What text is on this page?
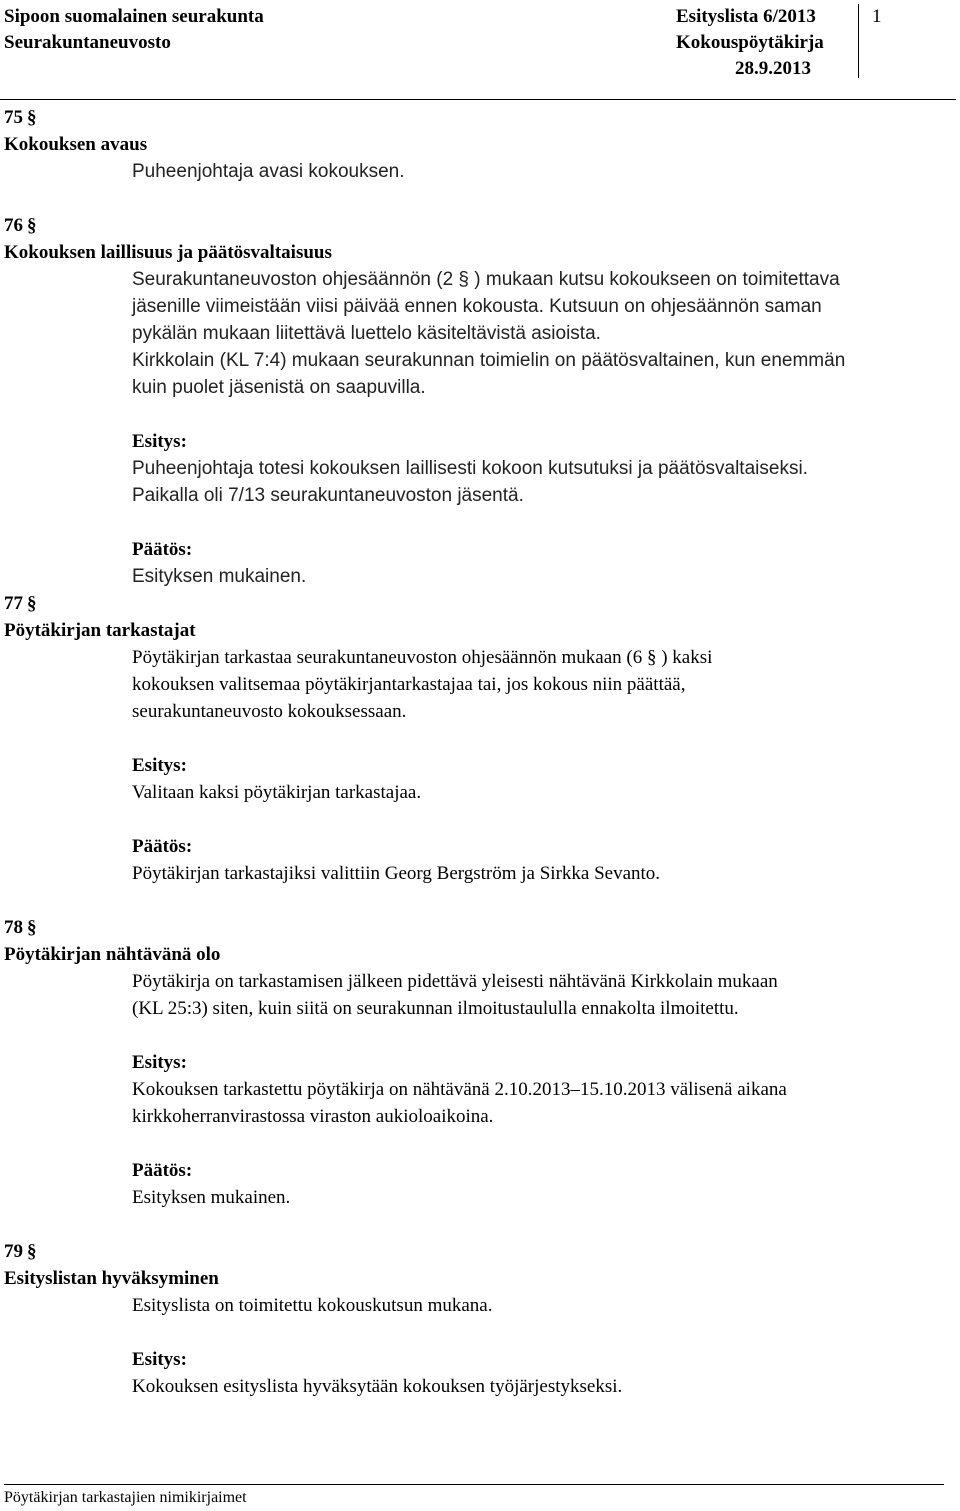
Sipoon suomalainen seurakunta
Seurakuntaneuvosto
Esityslista 6/2013
Kokouspöytäkirja
28.9.2013
1
75 §
Kokouksen avaus
Puheenjohtaja avasi kokouksen.
76 §
Kokouksen laillisuus ja päätösvaltaisuus
Seurakuntaneuvoston ohjesäännön (2 § ) mukaan kutsu kokoukseen on toimitettava
jäsenille viimeistään viisi päivää ennen kokousta. Kutsuun on ohjesäännön saman
pykälän mukaan liitettävä luettelo käsiteltävistä asioista.
Kirkkolain (KL 7:4) mukaan seurakunnan toimielin on päätösvaltainen, kun enemmän
kuin puolet jäsenistä on saapuvilla.
Esitys:
Puheenjohtaja totesi kokouksen laillisesti kokoon kutsutuksi ja päätösvaltaiseksi.
Paikalla oli 7/13 seurakuntaneuvoston jäsentä.
Päätös:
Esityksen mukainen.
77 §
Pöytäkirjan tarkastajat
Pöytäkirjan tarkastaa seurakuntaneuvoston ohjesäännön mukaan (6 § ) kaksi
kokouksen valitsemaa pöytäkirjantarkastajaa tai, jos kokous niin päättää,
seurakuntaneuvosto kokouksessaan.
Esitys:
Valitaan kaksi pöytäkirjan tarkastajaa.
Päätös:
Pöytäkirjan tarkastajiksi valittiin Georg Bergström ja Sirkka Sevanto.
78 §
Pöytäkirjan nähtävänä olo
Pöytäkirja on tarkastamisen jälkeen pidettävä yleisesti nähtävänä Kirkkolain mukaan
(KL 25:3) siten, kuin siitä on seurakunnan ilmoitustaululla ennakolta ilmoitettu.
Esitys:
Kokouksen tarkastettu pöytäkirja on nähtävänä 2.10.2013–15.10.2013 välisenä aikana
kirkkoherranvirastossa viraston aukioloaikoina.
Päätös:
Esityksen mukainen.
79 §
Esityslistan hyväksyminen
Esityslista on toimitettu kokouskutsun mukana.
Esitys:
Kokouksen esityslista hyväksytään kokouksen työjärjestykseksi.
Pöytäkirjan tarkastajien nimikirjaimet
